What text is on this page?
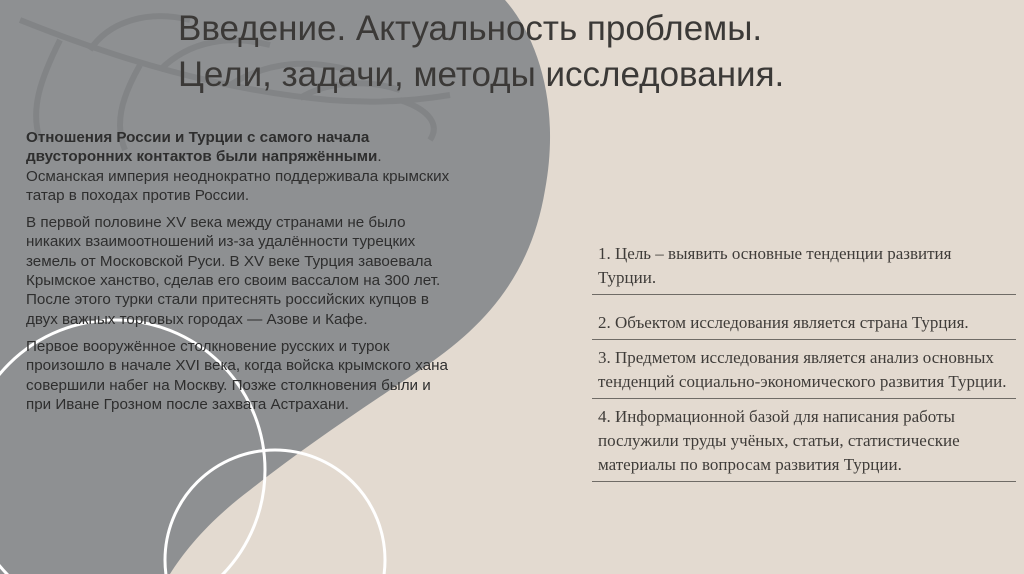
Введение. Актуальность проблемы.
Цели, задачи, методы исследования.

Отношения России и Турции с самого начала двусторонних контактов были напряжёнными. Османская империя неоднократно поддерживала крымских татар в походах против России.

В первой половине XV века между странами не было никаких взаимоотношений из-за удалённости турецких земель от Московской Руси. В XV веке Турция завоевала Крымское ханство, сделав его своим вассалом на 300 лет. После этого турки стали притеснять российских купцов в двух важных торговых городах — Азове и Кафе.

Первое вооружённое столкновение русских и турок произошло в начале XVI века, когда войска крымского хана совершили набег на Москву. Позже столкновения были и при Иване Грозном после захвата Астрахани.

1. Цель – выявить основные тенденции развития Турции.
2. Объектом исследования является страна Турция.
3. Предметом исследования является анализ основных тенденций социально-экономического развития Турции.
4. Информационной базой для написания работы послужили труды учёных, статьи, статистические материалы по вопросам развития Турции.
